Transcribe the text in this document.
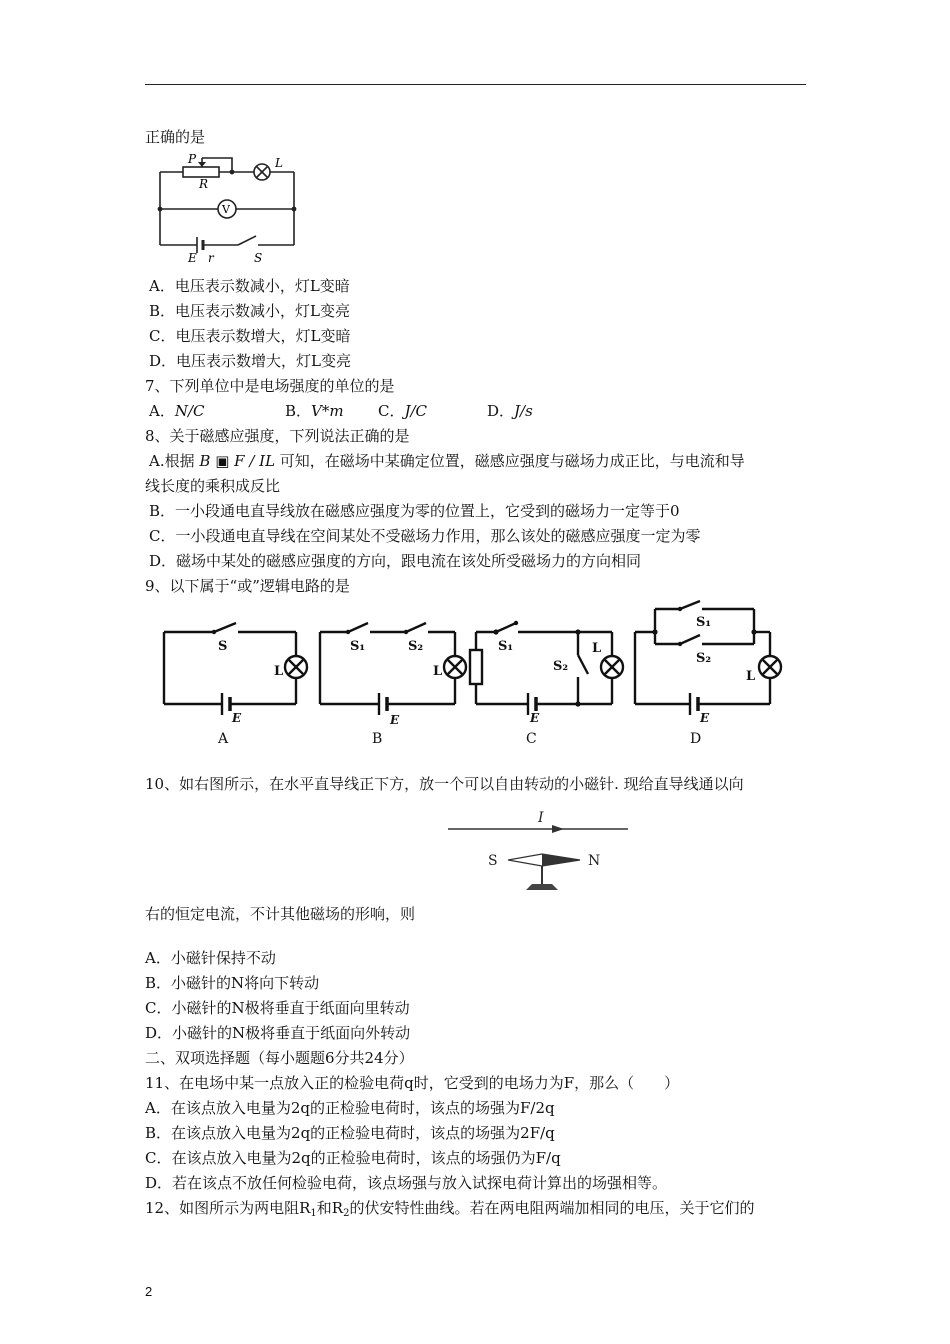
正确的是
P
R
L
V
E r	S
A．电压表示数减小，灯L变暗
B．电压表示数减小，灯L变亮
C．电压表示数增大，灯L变暗
D．电压表示数增大，灯L变亮
7、下列单位中是电场强度的单位的是
A．N/C	B．V*m C．J/C	D．J/s
8、关于磁感应强度，下列说法正确的是
A.根据 B ▣ F / IL 可知，在磁场中某确定位置，磁感应强度与磁场力成正比，与电流和导
线长度的乘积成反比
B．一小段通电直导线放在磁感应强度为零的位置上，它受到的磁场力一定等于0
C．一小段通电直导线在空间某处不受磁场力作用，那么该处的磁感应强度一定为零
D．磁场中某处的磁感应强度的方向，跟电流在该处所受磁场力的方向相同
9、以下属于“或”逻辑电路的是
S
L
E
A
S₁	S₂
L
E
B
S₁
S₂
L
E
C
S₁
S₂
L
E
D
10、如右图所示，在水平直导线正下方，放一个可以自由转动的小磁针. 现给直导线通以向
I
S	N
右的恒定电流，不计其他磁场的形响，则
A．小磁针保持不动
B．小磁针的N将向下转动
C．小磁针的N极将垂直于纸面向里转动
D．小磁针的N极将垂直于纸面向外转动
二、双项选择题（每小题题6分共24分）
11、在电场中某一点放入正的检验电荷q时，它受到的电场力为F，那么（　　）
A．在该点放入电量为2q的正检验电荷时，该点的场强为F/2q
B．在该点放入电量为2q的正检验电荷时，该点的场强为2F/q
C．在该点放入电量为2q的正检验电荷时，该点的场强仍为F/q
D．若在该点不放任何检验电荷，该点场强与放入试探电荷计算出的场强相等。
12、如图所示为两电阻$R_1$和$R_2$的伏安特性曲线。若在两电阻两端加相同的电压，关于它们的
2
